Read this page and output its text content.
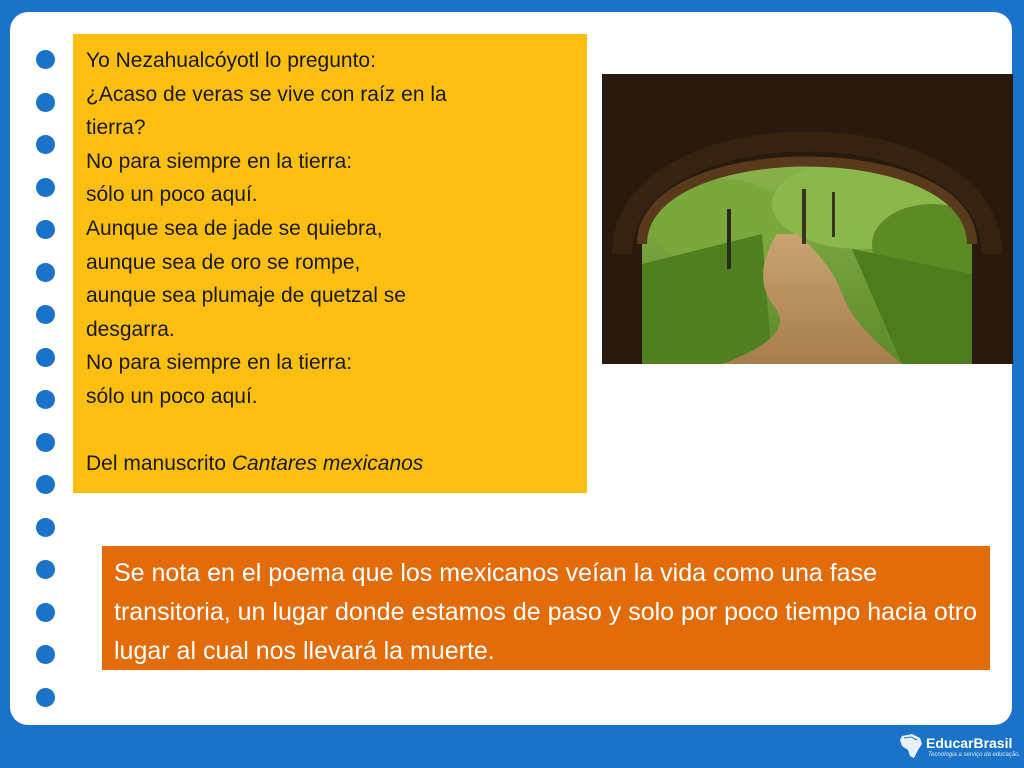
Yo Nezahualcóyotl lo pregunto:
¿Acaso de veras se vive con raíz en la
tierra?
No para siempre en la tierra:
sólo un poco aquí.
Aunque sea de jade se quiebra,
aunque sea de oro se rompe,
aunque sea plumaje de quetzal se
desgarra.
No para siempre en la tierra:
sólo un poco aquí.
Del manuscrito Cantares mexicanos

Se nota en el poema que los mexicanos veían la vida como una fase transitoria, un lugar donde estamos de paso y solo por poco tiempo hacia otro lugar al cual nos llevará la muerte.

EducarBrasil
Tecnologia a serviço da educação.
